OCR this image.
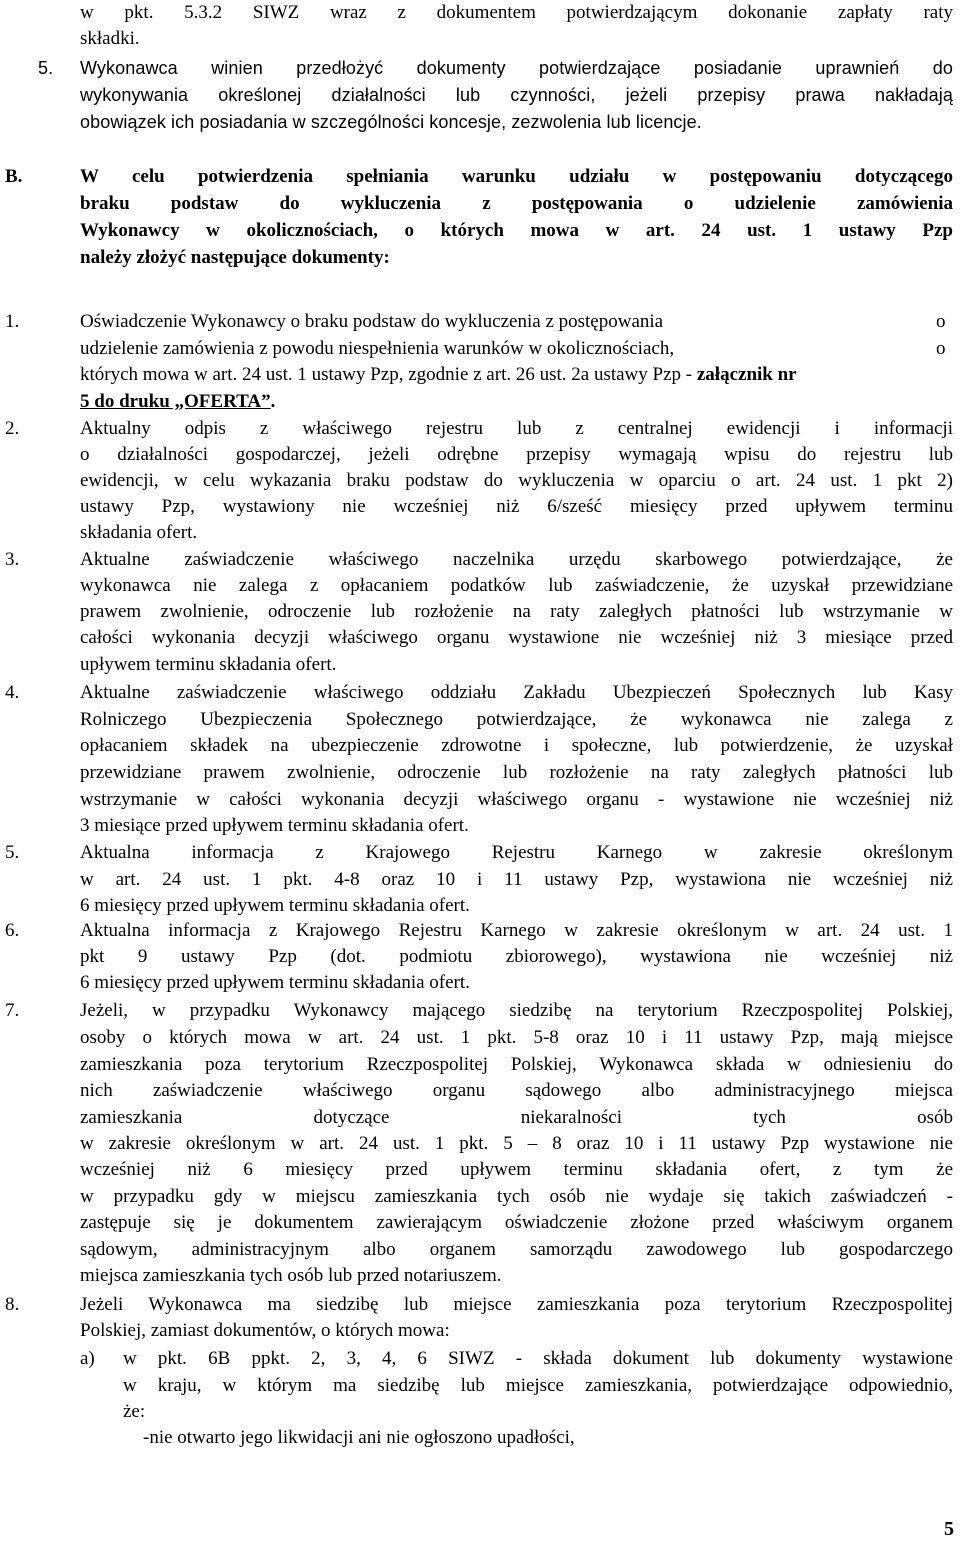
w pkt. 5.3.2 SIWZ wraz z dokumentem potwierdzającym dokonanie zapłaty raty
składki.
5. Wykonawca winien przedłożyć dokumenty potwierdzające posiadanie uprawnień do
wykonywania określonej działalności lub czynności, jeżeli przepisy prawa nakładają
obowiązek ich posiadania w szczególności koncesje, zezwolenia lub licencje.
B.	W celu potwierdzenia spełniania warunku udziału w postępowaniu dotyczącego
braku podstaw do wykluczenia z postępowania o udzielenie zamówienia
Wykonawcy w okolicznościach, o których mowa w art. 24 ust. 1 ustawy Pzp
należy złożyć następujące dokumenty:
1.	Oświadczenie Wykonawcy o braku podstaw do wykluczenia z postępowania	o
udzielenie zamówienia z powodu niespełnienia warunków w okolicznościach,	o
których mowa w art. 24 ust. 1 ustawy Pzp, zgodnie z art. 26 ust. 2a ustawy Pzp - załącznik nr
5 do druku „OFERTA”.
2.	Aktualny odpis z właściwego rejestru lub z centralnej ewidencji i informacji
o działalności gospodarczej, jeżeli odrębne przepisy wymagają wpisu do rejestru lub
ewidencji, w celu wykazania braku podstaw do wykluczenia w oparciu o art. 24 ust. 1 pkt 2)
ustawy Pzp, wystawiony nie wcześniej niż 6/sześć miesięcy przed upływem terminu
składania ofert.
3.	Aktualne zaświadczenie właściwego naczelnika urzędu skarbowego potwierdzające, że
wykonawca nie zalega z opłacaniem podatków lub zaświadczenie, że uzyskał przewidziane
prawem zwolnienie, odroczenie lub rozłożenie na raty zaległych płatności lub wstrzymanie w
całości wykonania decyzji właściwego organu wystawione nie wcześniej niż 3 miesiące przed
upływem terminu składania ofert.
4.	Aktualne zaświadczenie właściwego oddziału Zakładu Ubezpieczeń Społecznych lub Kasy
Rolniczego Ubezpieczenia Społecznego potwierdzające, że wykonawca nie zalega z
opłacaniem składek na ubezpieczenie zdrowotne i społeczne, lub potwierdzenie, że uzyskał
przewidziane prawem zwolnienie, odroczenie lub rozłożenie na raty zaległych płatności lub
wstrzymanie w całości wykonania decyzji właściwego organu - wystawione nie wcześniej niż
3 miesiące przed upływem terminu składania ofert.
5.	Aktualna informacja z Krajowego Rejestru Karnego w zakresie określonym
w art. 24 ust. 1 pkt. 4-8 oraz 10 i 11 ustawy Pzp, wystawiona nie wcześniej niż
6 miesięcy przed upływem terminu składania ofert.
6.	Aktualna informacja z Krajowego Rejestru Karnego w zakresie określonym w art. 24 ust. 1
pkt 9 ustawy Pzp (dot. podmiotu zbiorowego), wystawiona nie wcześniej niż
6 miesięcy przed upływem terminu składania ofert.
7.	Jeżeli, w przypadku Wykonawcy mającego siedzibę na terytorium Rzeczpospolitej Polskiej,
osoby o których mowa w art. 24 ust. 1 pkt. 5-8 oraz 10 i 11 ustawy Pzp, mają miejsce
zamieszkania poza terytorium Rzeczpospolitej Polskiej, Wykonawca składa w odniesieniu do
nich zaświadczenie właściwego organu sądowego albo administracyjnego miejsca
zamieszkania dotyczące niekaralności tych osób
w zakresie określonym w art. 24 ust. 1 pkt. 5 – 8 oraz 10 i 11 ustawy Pzp wystawione nie
wcześniej niż 6 miesięcy przed upływem terminu składania ofert, z tym że
w przypadku gdy w miejscu zamieszkania tych osób nie wydaje się takich zaświadczeń -
zastępuje się je dokumentem zawierającym oświadczenie złożone przed właściwym organem
sądowym, administracyjnym albo organem samorządu zawodowego lub gospodarczego
miejsca zamieszkania tych osób lub przed notariuszem.
8.	Jeżeli Wykonawca ma siedzibę lub miejsce zamieszkania poza terytorium Rzeczpospolitej
Polskiej, zamiast dokumentów, o których mowa:
a) w pkt. 6B ppkt. 2, 3, 4, 6 SIWZ - składa dokument lub dokumenty wystawione
w kraju, w którym ma siedzibę lub miejsce zamieszkania, potwierdzające odpowiednio,
że:
-nie otwarto jego likwidacji ani nie ogłoszono upadłości,
5
